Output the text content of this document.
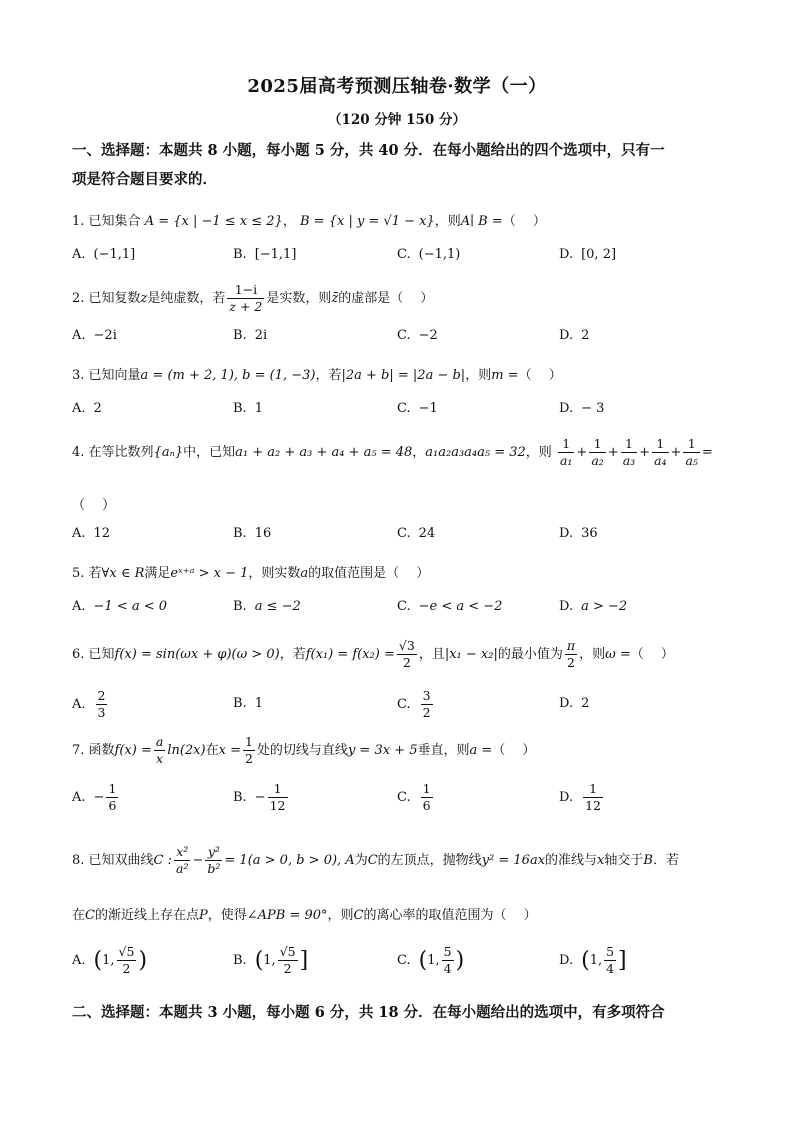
2025届高考预测压轴卷·数学（一）
（120 分钟 150 分）
一、选择题：本题共 8 小题，每小题 5 分，共 40 分．在每小题给出的四个选项中，只有一
项是符合题目要求的．
1. 已知集合 A = {x | −1 ≤ x ≤ 2}， B = {x | y = √1 − x}，则A∣ B =（　 ）
A. (−1,1]	B. [−1,1]	C. (−1,1)	D. [0, 2]
2. 已知复数z是纯虚数，若 $\frac{1-i}{z + 2}$ 是实数，则z̄的虚部是（　 ）
A. −2i	B. 2i	C. −2	D. 2
3. 已知向量a = (m + 2, 1), b = (1, −3)，若|2a + b| = |2a − b|，则m =（　 ）
A. 2	B. 1	C. −1	D. − 3
4. 在等比数列{aₙ}中，已知a₁ + a₂ + a₃ + a₄ + a₅ = 48，a₁a₂a₃a₄a₅ = 32，则 $\frac{1}{\text{a₁}} + \frac{1}{\text{a₂}} + \frac{1}{\text{a₃}} + \frac{1}{\text{a₄}} + \frac{1}{\text{a₅}}$ =
（　 ）
A. 12	B. 16	C. 24	D. 36
5. 若∀x ∈ R满足eˣ⁺ᵃ > x − 1，则实数a的取值范围是（　 ）
A. −1 < a < 0	B. a ≤ −2	C. −e < a < −2	D. a > −2
6. 已知f(x) = sin(ωx + φ)(ω > 0)，若$f(x_1) = f(x_2) = \frac{√3}{2}$ ，且|x₁ − x₂|的最小值为 $\frac{\pi}{2}$ ，则ω =（　 ）
A. $\frac{2}{3}$	B. 1	C. $\frac{3}{2}$	D. 2
7. 函数$f(x) = \frac{a}{x} \ln(2x)$在$x = \frac{1}{2}$ 处的切线与直线y = 3x + 5垂直，则a =（　 ）
A. − $\frac{1}{6}$	B. − $\frac{1}{12}$	C. $\frac{1}{6}$	D. $\frac{1}{12}$
8. 已知双曲线C : $\frac{\text{x²}}{\text{a²}} - \frac{\text{y²}}{\text{b²}} = 1(a > 0$, b > 0), A为C的左顶点，抛物线y² = 16ax的准线与x轴交于B．若
在C的渐近线上存在点P，使得∠APB = 90°，则C的离心率的取值范围为（　 ）
A. (1, $\frac{√5}{2}$ )	B. (1, $\frac{√5}{2}$ ]	C. (1, $\frac{5}{4}$ )	D. (1, $\frac{5}{4}$ ]
二、选择题：本题共 3 小题，每小题 6 分，共 18 分．在每小题给出的选项中，有多项符合
